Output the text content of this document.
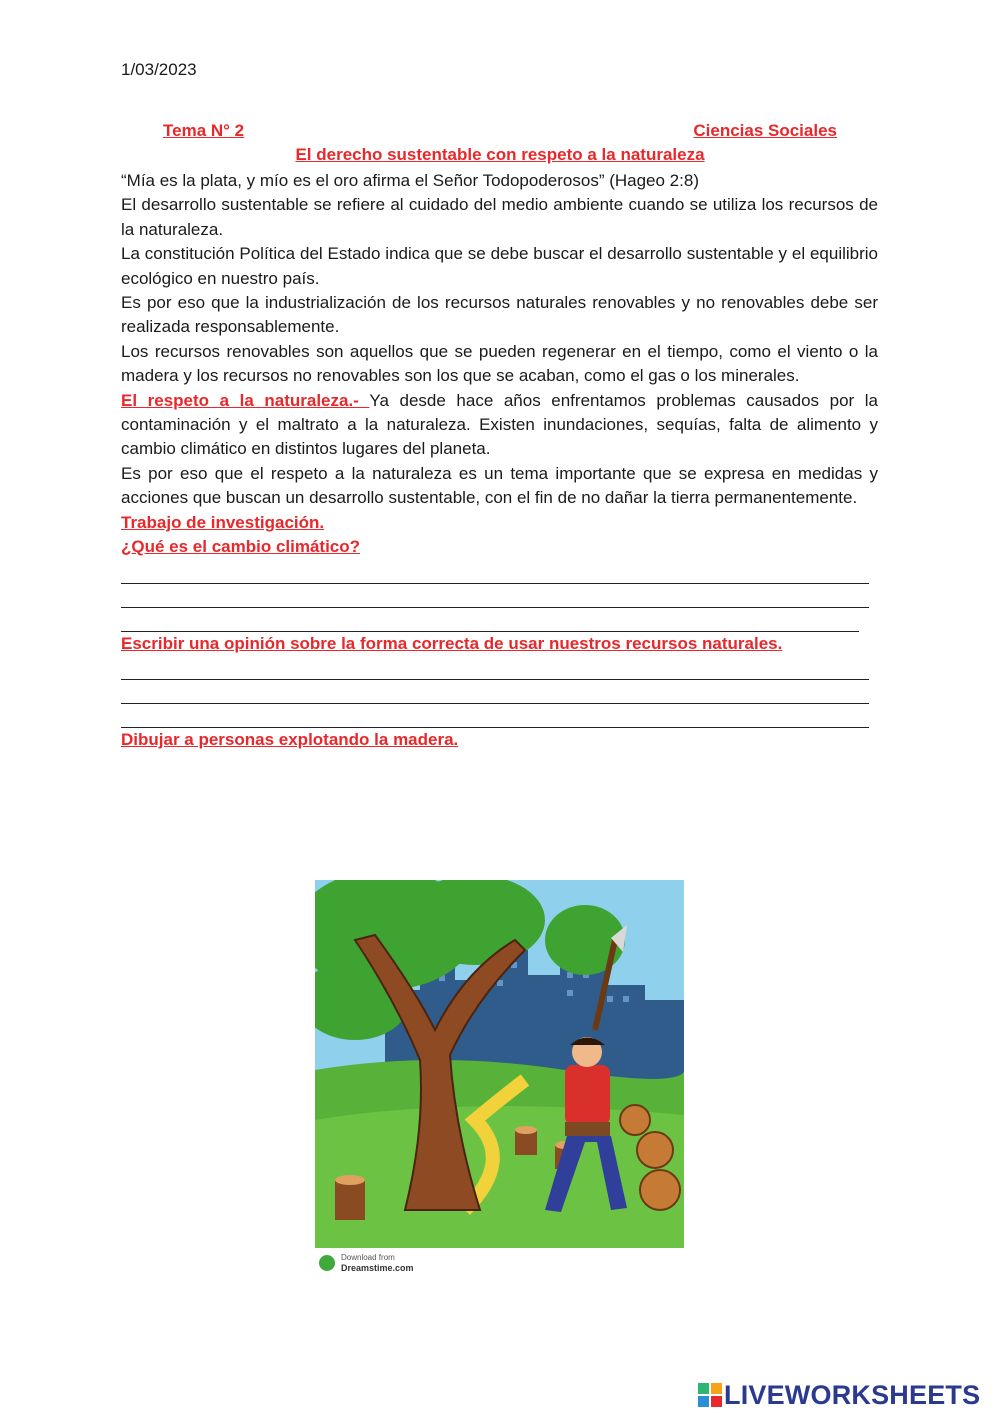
1/03/2023
Tema N° 2	Ciencias Sociales
El derecho sustentable con respeto a la naturaleza

“Mía es la plata, y mío es el oro afirma el Señor Todopoderosos” (Hageo 2:8)

El desarrollo sustentable se refiere al cuidado del medio ambiente cuando se utiliza los recursos de la naturaleza.

La constitución Política del Estado indica que se debe buscar el desarrollo sustentable y el equilibrio ecológico en nuestro país.

Es por eso que la industrialización de los recursos naturales renovables y no renovables debe ser realizada responsablemente.

Los recursos renovables son aquellos que se pueden regenerar en el tiempo, como el viento o la madera y los recursos no renovables son los que se acaban, como el gas o los minerales.

El respeto a la naturaleza.- Ya desde hace años enfrentamos problemas causados por la contaminación y el maltrato a la naturaleza. Existen inundaciones, sequías, falta de alimento y cambio climático en distintos lugares del planeta.

Es por eso que el respeto a la naturaleza es un tema importante que se expresa en medidas y acciones que buscan un desarrollo sustentable, con el fin de no dañar la tierra permanentemente.

Trabajo de investigación.

¿Qué es el cambio climático?

Escribir una opinión sobre la forma correcta de usar nuestros recursos naturales.

Dibujar a personas explotando la madera.

Download from
Dreamstime.com
LIVEWORKSHEETS
